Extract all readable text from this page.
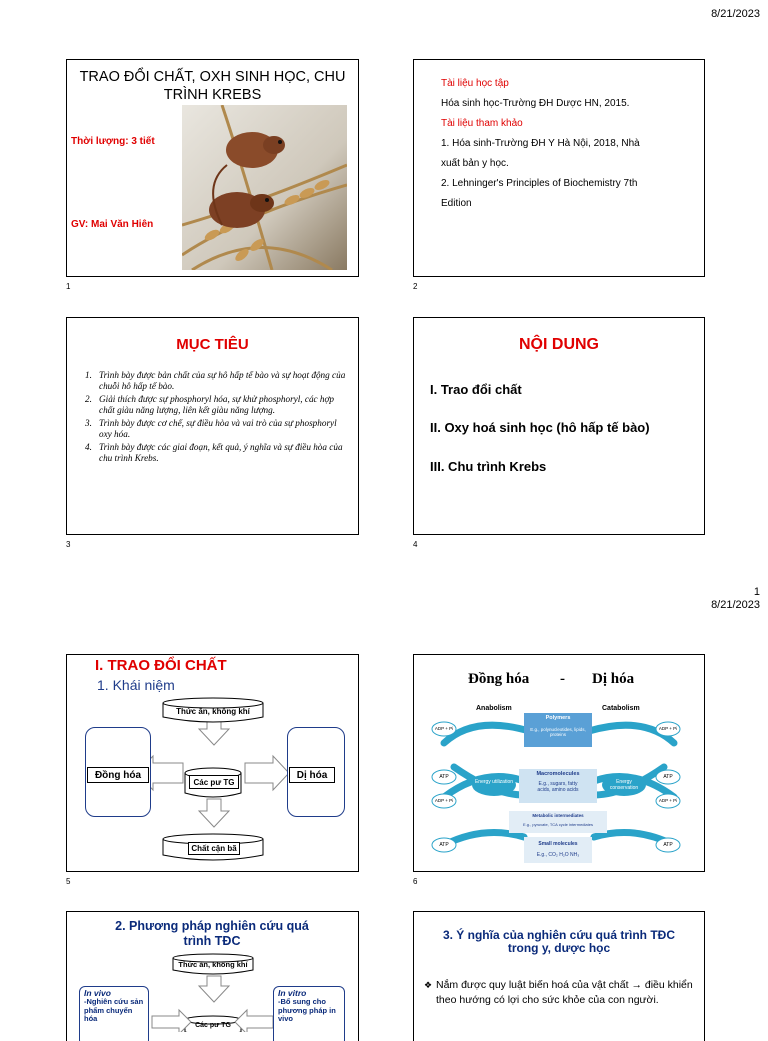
8/21/2023
1
8/21/2023
TRAO ĐỔI CHẤT, OXH SINH HỌC, CHU TRÌNH KREBS
Thời lượng: 3 tiết
GV: Mai Văn Hiên
1
Tài liệu học tập
Hóa sinh học-Trường ĐH Dược HN, 2015.
Tài liệu tham khảo
1. Hóa sinh-Trường ĐH Y Hà Nội, 2018, Nhà
xuất bản y học.
2. Lehninger's Principles of Biochemistry 7th
Edition
2
MỤC TIÊU
1. Trình bày được bản chất của sự hô hấp tế bào và sự hoạt động của chuỗi hô hấp tế bào.
2. Giải thích được sự phosphoryl hóa, sự khử phosphoryl, các hợp chất giàu năng lượng, liên kết giàu năng lượng.
3. Trình bày được cơ chế, sự điều hòa và vai trò của sự phosphoryl oxy hóa.
4. Trình bày được các giai đoạn, kết quả, ý nghĩa và sự điều hòa của chu trình Krebs.
3
NỘI DUNG
I. Trao đổi chất
II. Oxy hoá sinh học (hô hấp tế bào)
III. Chu trình Krebs
4
I. TRAO ĐỔI CHẤT
1. Khái niệm
Thức ăn, không khí
Đồng hóa
Các pư TG
Dị hóa
Chất cận bã
5
Đồng hóa - Dị hóa
Anabolism	Catabolism
Polymers
E.g., polynucleotides, lipids, proteins
Macromolecules
E.g., sugars, fatty acids, amino acids
Metabolic intermediates
E.g., pyruvate, TCA cycle intermediates
Small molecules
E.g., CO₂ H₂O NH₃
Energy utilization	Energy conservation
ADP + Pi
ATP
ADP + Pi
ATP
ADP + Pi
ATP
ADP + Pi
ATP
6
2. Phương pháp nghiên cứu quá trình TĐC
Thức ăn, không khí
In vivo
-Nghiên cứu sản phẩm chuyển hóa
In vitro
-Bổ sung cho phương pháp in vivo
Các pư TG
3. Ý nghĩa của nghiên cứu quá trình TĐC trong y, dược học
❖ Nắm được quy luật biến hoá của vật chất → điều khiển theo hướng có lợi cho sức khỏe của con người.
